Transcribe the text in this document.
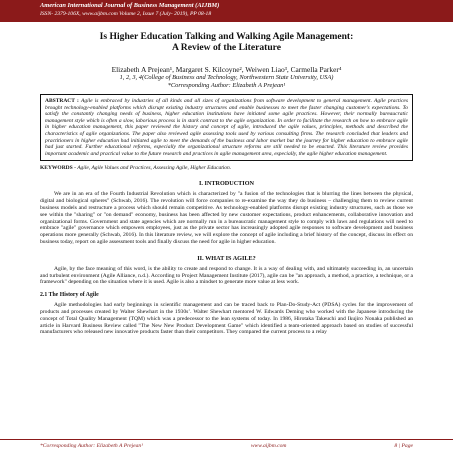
American International Journal of Business Management (AIJBM)
ISSN- 2379-106X, www.aijbm.com Volume 2, Issue 7 (July- 2019), PP 08-18
Is Higher Education Talking and Walking Agile Management:
A Review of the Literature
Elizabeth A Prejean¹, Margaret S. Kilcoyne², Weiwen Liao³, Carmella Parker⁴
1, 2, 3, 4(College of Business and Technology, Northwestern State University, USA)
*Corresponding Author: Elizabeth A Prejean¹
ABSTRACT : Agile is embraced by industries of all kinds and all sizes of organizations from software development to general management. Agile practices brought technology-enabled platforms which disrupt existing industry structures and enable businesses to meet the faster changing customer's expectations. To satisfy the constantly changing needs of business, higher education institutions have initiated some agile practices. However, their normally bureaucratic management style which is often a slow, laborious process is in stark contrast to the agile organization. In order to facilitate the research on how to embrace agile in higher education management, this paper reviewed the history and concept of agile, introduced the agile values, principles, methods and described the characteristics of agile organizations. The paper also reviewed agile assessing tools used by various consulting firms. The research concluded that leaders and practitioners in higher education had initiated agile to meet the demands of the business and labor market but the journey for higher education to embrace agile had just started. Further educational reforms, especially the organizational structure reforms are still needed to be enacted. This literature review provides important academic and practical value to the future research and practices in agile management area, especially, the agile higher education management.
KEYWORDS - Agile, Agile Values and Practices, Assessing Agile, Higher Education.
I. INTRODUCTION

We are in an era of the Fourth Industrial Revolution which is characterized by "a fusion of the technologies that is blurring the lines between the physical, digital and biological spheres" (Schwab, 2016). The revolution will force companies to re-examine the way they do business – challenging them to review current business models and restructure a process which should remain competitive. As technology-enabled platforms disrupt existing industry structures, such as those we see within the "sharing" or "on demand" economy, business has been affected by new customer expectations, product enhancements, collaborative innovation and organizational forms. Government and state agencies which are normally run in a bureaucratic management style to comply with laws and regulations will need to embrace "agile" governance which empowers employees, just as the private sector has increasingly adopted agile responses to software development and business operations more generally (Schwab, 2016). In this literature review, we will explore the concept of agile including a brief history of the concept, discuss its effect on business today, report on agile assessment tools and finally discuss the need for agile in higher education.

II. WHAT IS AGILE?

Agile, by the face meaning of this word, is the ability to create and respond to change. It is a way of dealing with, and ultimately succeeding in, an uncertain and turbulent environment (Agile Alliance, n.d.). According to Project Management Institute (2017), agile can be "an approach, a method, a practice, a technique, or a framework" depending on the situation where it is used. Agile is also a mindset to generate more value at less work.

2.1 The History of Agile

Agile methodologies had early beginnings in scientific management and can be traced back to Plan-Do-Study-Act (PDSA) cycles for the improvement of products and processes created by Walter Shewhart in the 1930s’. Walter Shewhart mentored W. Edwards Deming who worked with the Japanese introducing the concept of Total Quality Management (TQM) which was a predecessor to the lean systems of today. In 1986, Hirotaka Takeuchi and Ikujiro Nonaka published an article in Harvard Business Review called "The New New Product Development Game" which identified a team-oriented approach based on studies of successful manufacturers who released new innovative products faster than their competitors. They compared the current process to a relay

*Corresponding Author: Elizabeth A Prejean¹	www.aijbm.com	8 | Page
